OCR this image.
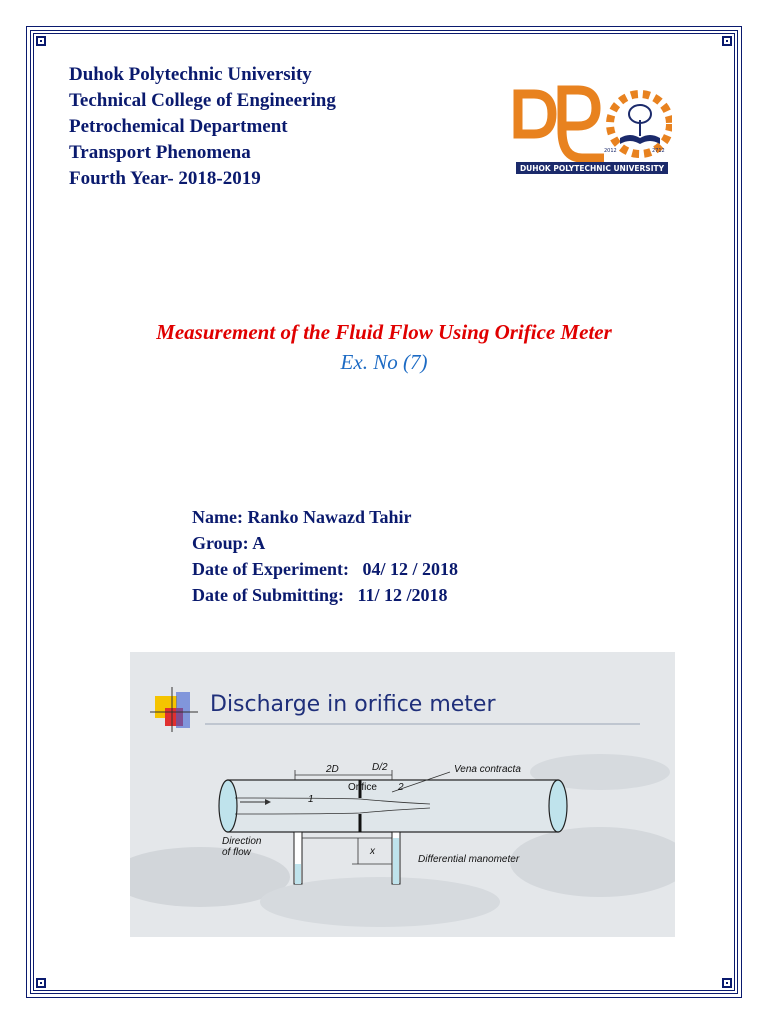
Duhok Polytechnic University
Technical College of Engineering
Petrochemical Department
Transport Phenomena
Fourth Year- 2018-2019
2012	2712
DUHOK POLYTECHNIC UNIVERSITY
Measurement of the Fluid Flow Using Orifice Meter
Ex. No (7)
Name: Ranko Nawazd Tahir
Group: A
Date of Experiment:   04/ 12 / 2018
Date of Submitting:   11/ 12 /2018
Discharge in orifice meter
2D	D/2	Vena contracta
Orifice
1
2
Direction
of flow	x
Differential manometer
